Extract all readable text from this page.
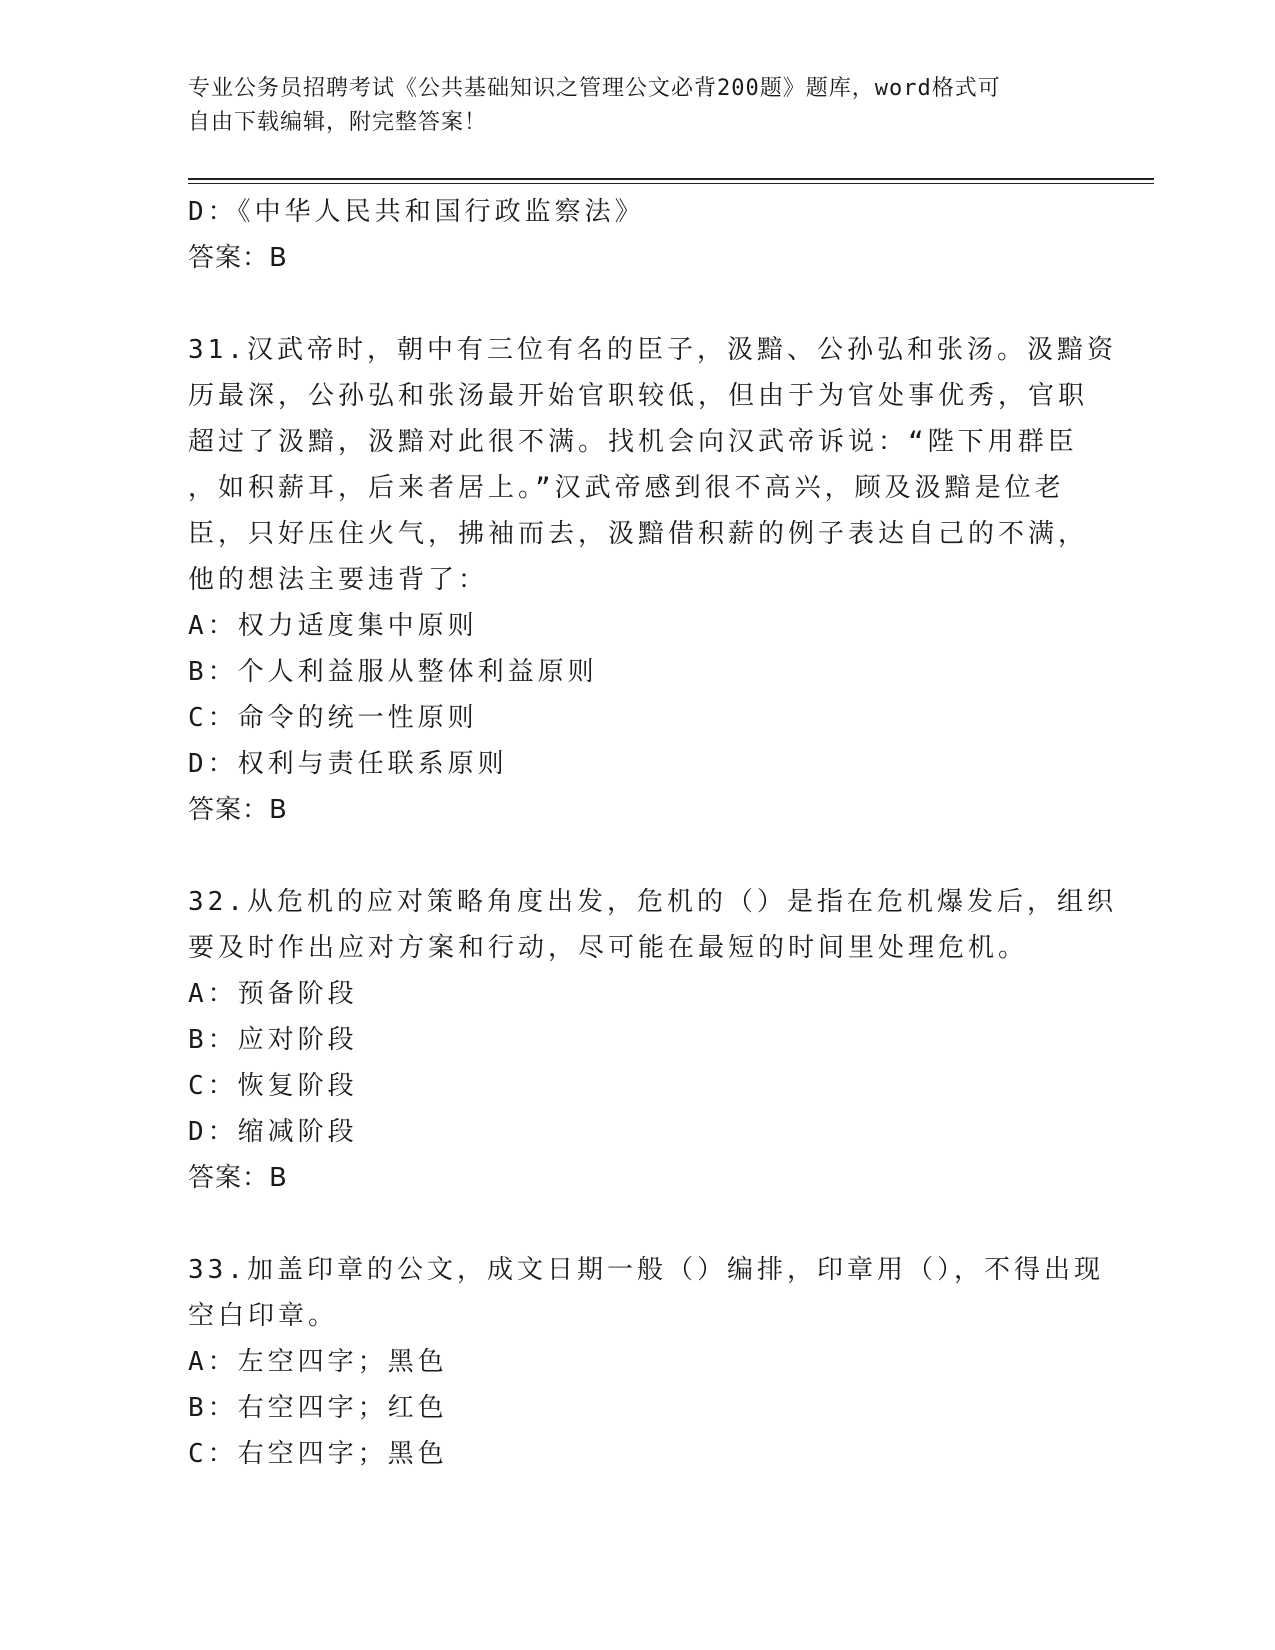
专业公务员招聘考试《公共基础知识之管理公文必背200题》题库，word格式可
自由下载编辑，附完整答案！
D：《中华人民共和国行政监察法》
答案：B
31.汉武帝时，朝中有三位有名的臣子，汲黯、公孙弘和张汤。汲黯资
历最深，公孙弘和张汤最开始官职较低，但由于为官处事优秀，官职
超过了汲黯，汲黯对此很不满。找机会向汉武帝诉说：“陛下用群臣
，如积薪耳，后来者居上。”汉武帝感到很不高兴，顾及汲黯是位老
臣，只好压住火气，拂袖而去，汲黯借积薪的例子表达自己的不满，
他的想法主要违背了：
A：权力适度集中原则
B：个人利益服从整体利益原则
C：命令的统一性原则
D：权利与责任联系原则
答案：B
32.从危机的应对策略角度出发，危机的（）是指在危机爆发后，组织
要及时作出应对方案和行动，尽可能在最短的时间里处理危机。
A：预备阶段
B：应对阶段
C：恢复阶段
D：缩减阶段
答案：B
33.加盖印章的公文，成文日期一般（）编排，印章用（），不得出现
空白印章。
A：左空四字；黑色
B：右空四字；红色
C：右空四字；黑色
